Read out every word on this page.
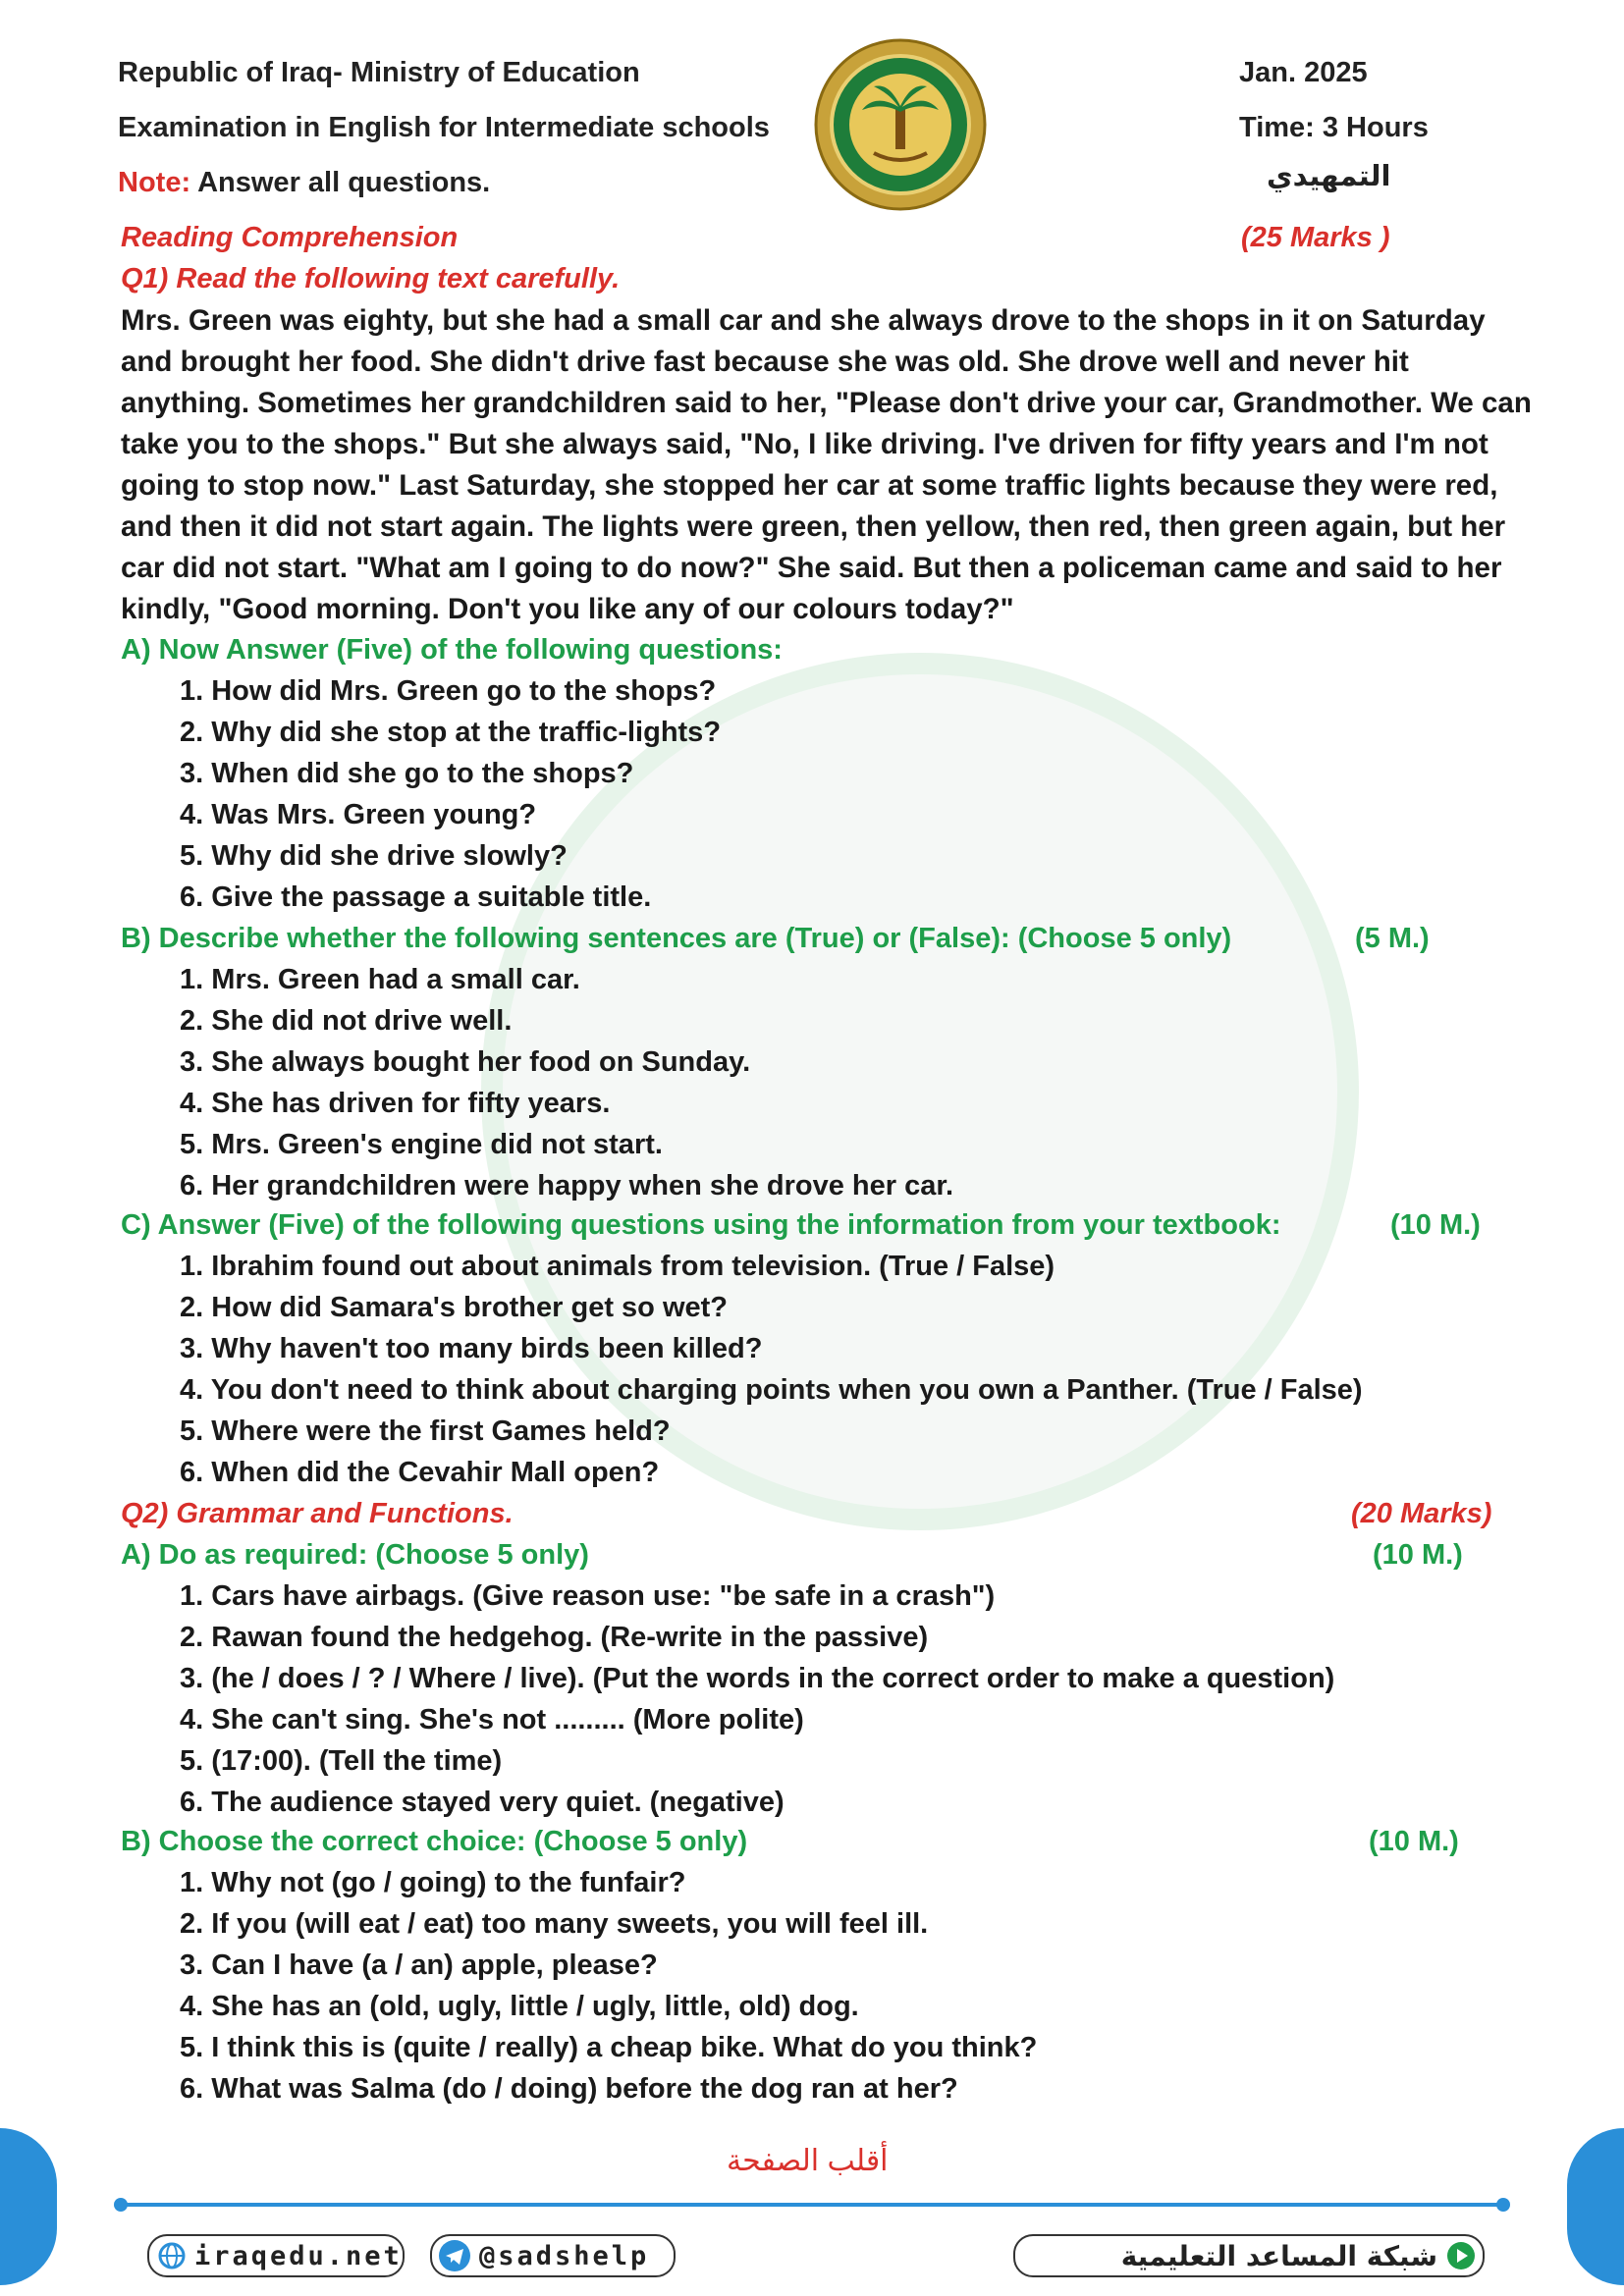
Republic of Iraq- Ministry of Education
Examination in English for Intermediate schools
Note: Answer all questions.
Jan. 2025
Time: 3 Hours
التمهيدي
Reading Comprehension	(25 Marks )
Q1) Read the following text carefully.
Mrs. Green was eighty, but she had a small car and she always drove to the shops in it on Saturday
and brought her food. She didn't drive fast because she was old. She drove well and never hit
anything. Sometimes her grandchildren said to her, "Please don't drive your car, Grandmother. We can
take you to the shops." But she always said, "No, I like driving. I've driven for fifty years and I'm not
going to stop now." Last Saturday, she stopped her car at some traffic lights because they were red,
and then it did not start again. The lights were green, then yellow, then red, then green again, but her
car did not start. "What am I going to do now?" She said. But then a policeman came and said to her
kindly, "Good morning. Don't you like any of our colours today?"
A) Now Answer (Five) of the following questions:
1. How did Mrs. Green go to the shops?
2. Why did she stop at the traffic-lights?
3. When did she go to the shops?
4. Was Mrs. Green young?
5. Why did she drive slowly?
6. Give the passage a suitable title.
B) Describe whether the following sentences are (True) or (False): (Choose 5 only)	(5 M.)
1. Mrs. Green had a small car.
2. She did not drive well.
3. She always bought her food on Sunday.
4. She has driven for fifty years.
5. Mrs. Green's engine did not start.
6. Her grandchildren were happy when she drove her car.
C) Answer (Five) of the following questions using the information from your textbook:	(10 M.)
1. Ibrahim found out about animals from television. (True / False)
2. How did Samara's brother get so wet?
3. Why haven't too many birds been killed?
4. You don't need to think about charging points when you own a Panther. (True / False)
5. Where were the first Games held?
6. When did the Cevahir Mall open?
Q2) Grammar and Functions.	(20 Marks)
A) Do as required: (Choose 5 only)	(10 M.)
1. Cars have airbags. (Give reason use: "be safe in a crash")
2. Rawan found the hedgehog. (Re-write in the passive)
3. (he / does / ? / Where / live). (Put the words in the correct order to make a question)
4. She can't sing. She's not ......... (More polite)
5. (17:00). (Tell the time)
6. The audience stayed very quiet. (negative)
B) Choose the correct choice: (Choose 5 only)	(10 M.)
1. Why not (go / going) to the funfair?
2. If you (will eat / eat) too many sweets, you will feel ill.
3. Can I have (a / an) apple, please?
4. She has an (old, ugly, little / ugly, little, old) dog.
5. I think this is (quite / really) a cheap bike. What do you think?
6. What was Salma (do / doing) before the dog ran at her?
أقلب الصفحة
iraqedu.net	@sadshelp	شبكة المساعد التعليمية
